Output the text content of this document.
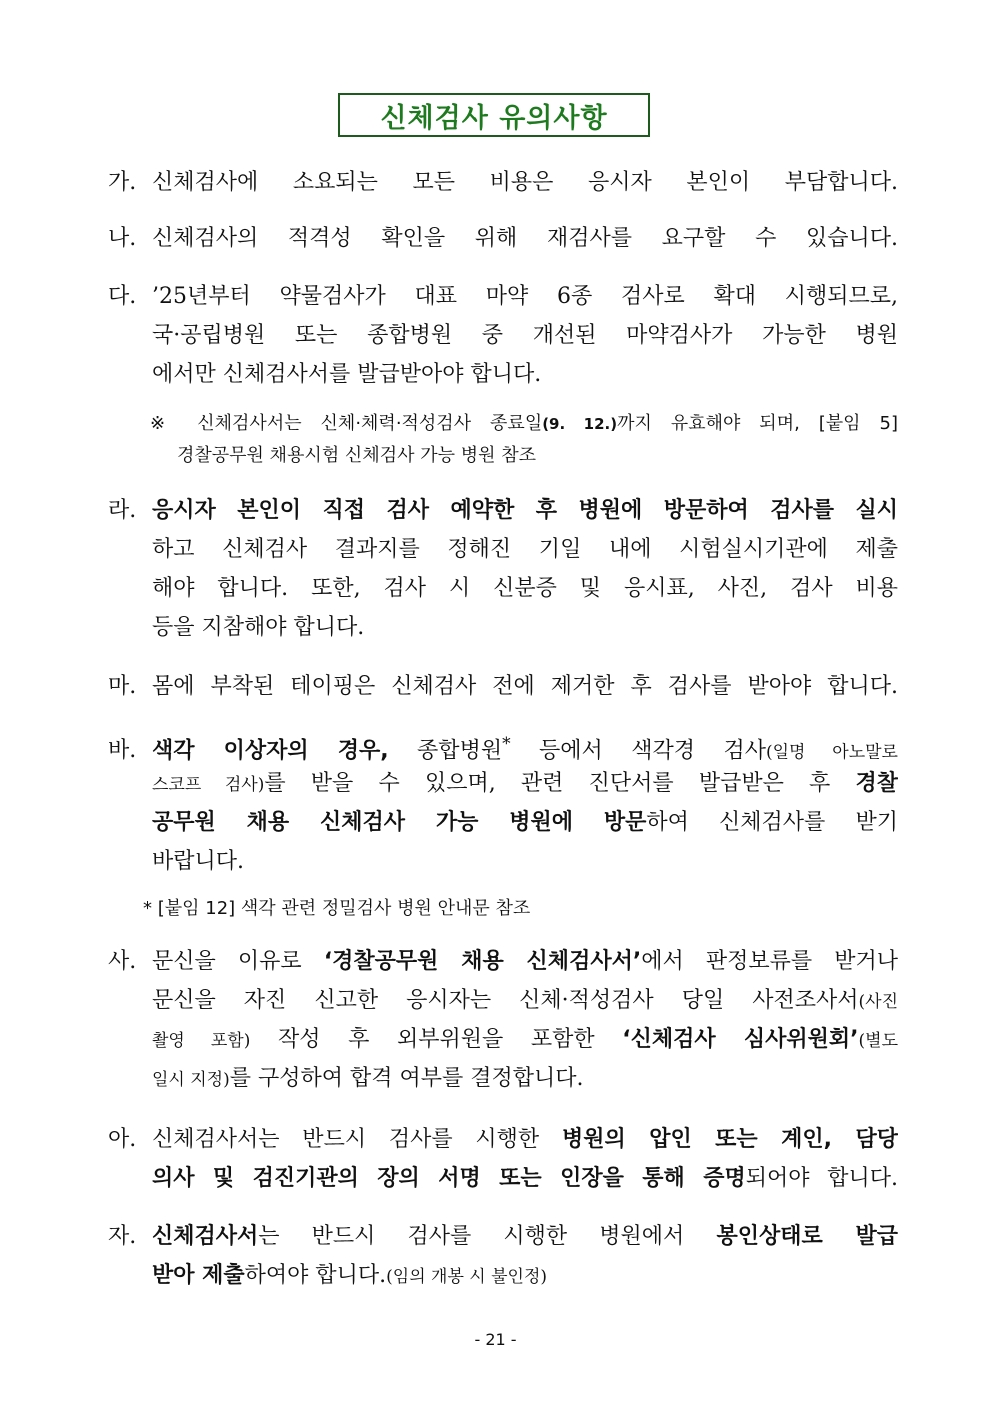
신체검사 유의사항
가. 신체검사에 소요되는 모든 비용은 응시자 본인이 부담합니다.
나. 신체검사의 적격성 확인을 위해 재검사를 요구할 수 있습니다.
다. ’25년부터 약물검사가 대표 마약 6종 검사로 확대 시행되므로,
국·공립병원 또는 종합병원 중 개선된 마약검사가 가능한 병원
에서만 신체검사서를 발급받아야 합니다.
※ 신체검사서는 신체·체력·적성검사 종료일(9. 12.)까지 유효해야 되며, [붙임 5]
경찰공무원 채용시험 신체검사 가능 병원 참조
라. 응시자 본인이 직접 검사 예약한 후 병원에 방문하여 검사를 실시
하고 신체검사 결과지를 정해진 기일 내에 시험실시기관에 제출
해야 합니다. 또한, 검사 시 신분증 및 응시표, 사진, 검사 비용
등을 지참해야 합니다.
마. 몸에 부착된 테이핑은 신체검사 전에 제거한 후 검사를 받아야 합니다.
바. 색각 이상자의 경우, 종합병원* 등에서 색각경 검사(일명 아노말로
스코프 검사)를 받을 수 있으며, 관련 진단서를 발급받은 후 경찰
공무원 채용 신체검사 가능 병원에 방문하여 신체검사를 받기
바랍니다.
* [붙임 12] 색각 관련 정밀검사 병원 안내문 참조
사. 문신을 이유로 ‘경찰공무원 채용 신체검사서’에서 판정보류를 받거나
문신을 자진 신고한 응시자는 신체·적성검사 당일 사전조사서(사진
촬영 포함) 작성 후 외부위원을 포함한 ‘신체검사 심사위원회’(별도
일시 지정)를 구성하여 합격 여부를 결정합니다.
아. 신체검사서는 반드시 검사를 시행한 병원의 압인 또는 계인, 담당
의사 및 검진기관의 장의 서명 또는 인장을 통해 증명되어야 합니다.
자. 신체검사서는 반드시 검사를 시행한 병원에서 봉인상태로 발급
받아 제출하여야 합니다.(임의 개봉 시 불인정)
- 21 -
